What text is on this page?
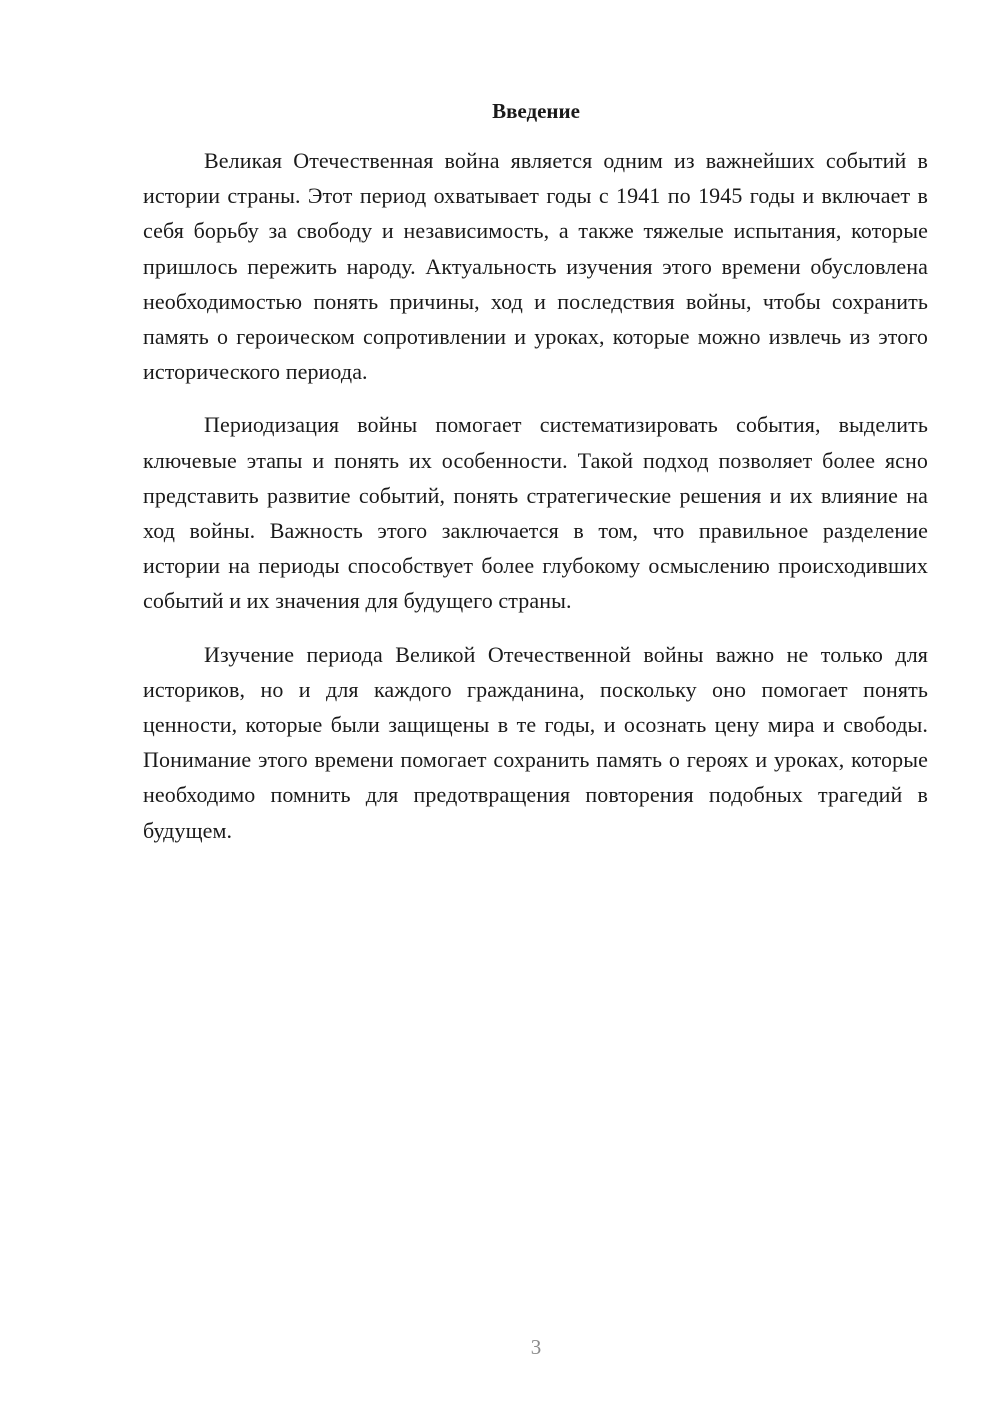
Введение

Великая Отечественная война является одним из важнейших событий в истории страны. Этот период охватывает годы с 1941 по 1945 годы и включает в себя борьбу за свободу и независимость, а также тяжелые испытания, которые пришлось пережить народу. Актуальность изучения этого времени обусловлена необходимостью понять причины, ход и последствия войны, чтобы сохранить память о героическом сопротивлении и уроках, которые можно извлечь из этого исторического периода.

Периодизация войны помогает систематизировать события, выделить ключевые этапы и понять их особенности. Такой подход позволяет более ясно представить развитие событий, понять стратегические решения и их влияние на ход войны. Важность этого заключается в том, что правильное разделение истории на периоды способствует более глубокому осмыслению происходивших событий и их значения для будущего страны.

Изучение периода Великой Отечественной войны важно не только для историков, но и для каждого гражданина, поскольку оно помогает понять ценности, которые были защищены в те годы, и осознать цену мира и свободы. Понимание этого времени помогает сохранить память о героях и уроках, которые необходимо помнить для предотвращения повторения подобных трагедий в будущем.

3
